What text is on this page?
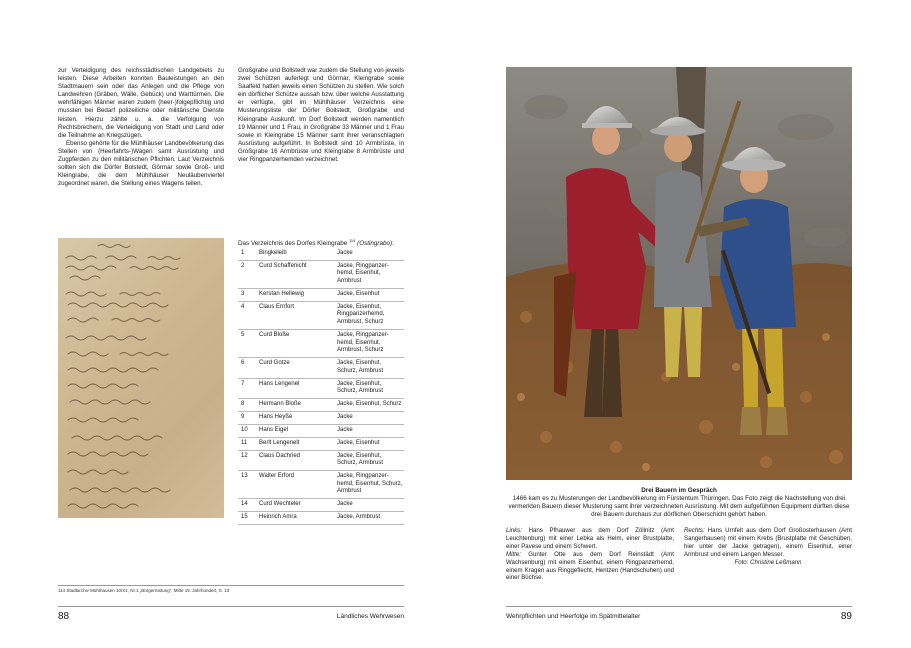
zur Verteidigung des reichsstädtischen Landgebiets zu leisten. Diese Arbeiten konnten Bauleistungen an den Stadtmauern sein oder das Anlegen und die Pflege von Landwehren (Gräben, Wälle, Gebück) und Warttürmen. Die wehrfähigen Männer waren zudem (heer-)folgepflichtig und mussten bei Bedarf polizeiliche oder militärische Dienste leisten. Hierzu zählte u. a. die Verfolgung von Rechtsbrechern, die Verteidigung von Stadt und Land oder die Teilnahme an Kriegszügen.

Ebenso gehörte für die Mühlhäuser Landbevölkerung das Stellen von (Heerfahrts-)Wagen samt Ausrüstung und Zugpferden zu den militärischen Pflichten. Laut Verzeichnis sollten sich die Dörfer Bolstedt, Görmar sowie Groß- und Kleingrabe, die dem Mühlhäuser Neuläubenviertel zugeordnet waren, die Stellung eines Wagens teilen.

Großgrabe und Bollstedt war zudem die Stellung von jeweils zwei Schützen auferlegt und Görmar, Kleingrabe sowie Saalfeld hatten jeweils einen Schützen zu stellen. Wie solch ein dörflicher Schütze aussah bzw. über welche Ausstattung er verfügte, gibt im Mühlhäuser Verzeichnis eine Musterungsliste der Dörfer Bollstedt, Großgrabe und Kleingrabe Auskunft. Im Dorf Bollstedt werden namentlich 19 Männer und 1 Frau, in Großgrabe 33 Männer und 1 Frau sowie in Kleingrabe 15 Männer samt ihrer veranschlagten Ausrüstung aufgeführt. In Bollstedt sind 10 Armbrüste, in Großgrabe 16 Armbrüste und Kleingrabe 8 Armbrüste und vier Ringpanzerhemden verzeichnet.

Das Verzeichnis des Dorfes Kleingrabe $^{114}$ (Ostingrabo):
1	Bingkeleib	Jacke
2	Curd Schaffenicht	Jacke, Ringpanzer-hemd, Eisenhut, Armbrust
3	Kerstan Hellewig	Jacke, Eisenhut
4	Claus Ernfort	Jacke, Eisenhut, Ringpanzerhemd, Armbrust, Schurz
5	Curd Bloße	Jacke, Ringpanzer-hemd, Eisenhut, Armbrust, Schurz
6	Curd Gotze	Jacke, Eisenhut, Schurz, Armbrust
7	Hans Lengenel	Jacke, Eisenhut, Schurz, Armbrust
8	Hermann Bloße	Jacke, Eisenhut, Schurz
9	Hans Heyße	Jacke
10	Hans Eigel	Jacke
11	Berlt Lengenelt	Jacke, Eisenhut
12	Claus Dachried	Jacke, Eisenhut, Schurz, Armbrust
13	Walter Erford	Jacke, Ringpanzer-hemd, Eisenhut, Schurz, Armbrust
14	Curd Wechteler	Jacke
15	Heinrich Amra	Jacke, Armbrust
114 Stadtarchiv Mühlhausen 10/X1, Nr.1 „Bürgerrüstung“, Mitte 15. Jahrhundert, S. 13
88	Ländliches Wehrwesen
Drei Bauern im Gespräch
1466 kam es zu Musterungen der Landbevölkerung im Fürstentum Thüringen. Das Foto zeigt die Nachstellung von drei vermerkten Bauern dieser Musterung samt ihrer verzeichneten Ausrüstung. Mit dem aufgeführten Equipment dürften diese drei Bauern durchaus zur dörflichen Oberschicht gehört haben.
Links: Hans Pfhauwer aus dem Dorf Zöllnitz (Amt Leuchtenburg) mit einer Lebka als Helm, einer Brustplatte, einer Pavese und einem Schwert.
Mitte: Gunter Otte aus dem Dorf Reinstädt (Amt Wachsenburg) mit einem Eisenhut, einem Ringpanzerhemd, einem Kragen aus Ringgeflecht, Hentzen (Handschuhen) und einer Büchse.
Rechts: Hans Urnfelt aus dem Dorf Großosterhausen (Amt Sangerhausen) mit einem Krebs (Brustplatte mit Geschüben, hier unter der Jacke getragen), einem Eisenhut, einer Armbrust und einem Langen Messer.
Foto: Christine Leßmann
Wehrpflichten und Heerfolge im Spätmittelalter	89
